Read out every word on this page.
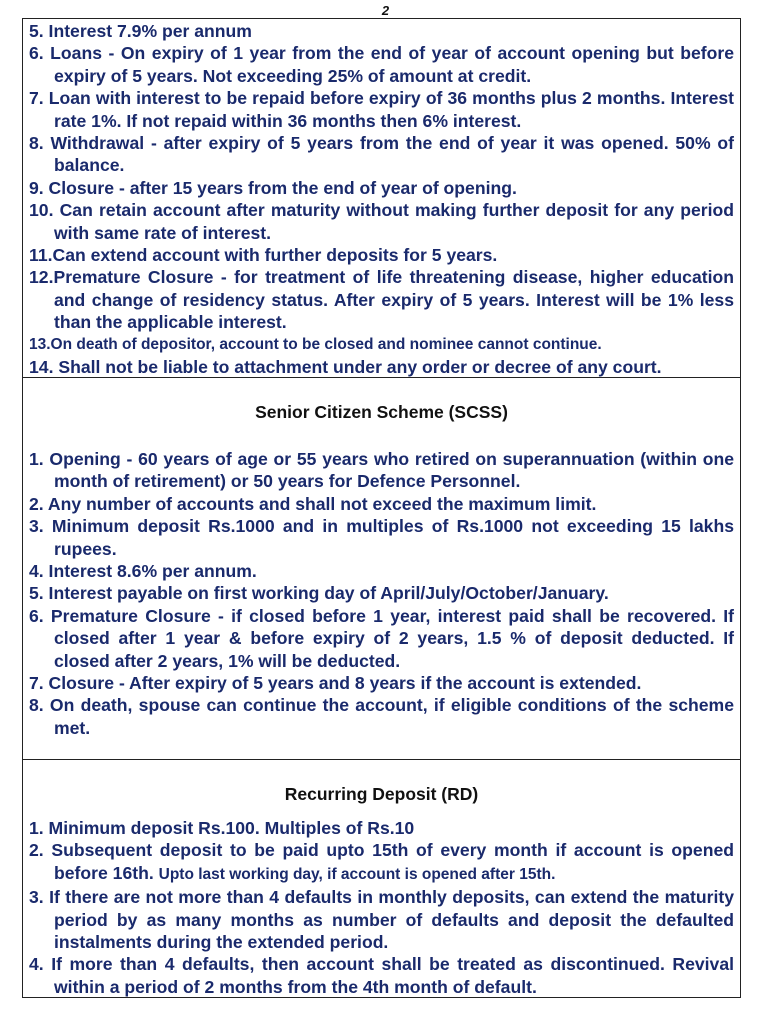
2
5. Interest 7.9% per annum
6. Loans - On expiry of 1 year from the end of year of account opening but before expiry of 5 years. Not exceeding 25% of amount at credit.
7. Loan with interest to be repaid before expiry of 36 months plus 2 months. Interest rate 1%. If not repaid within 36 months then 6% interest.
8. Withdrawal - after expiry of 5 years from the end of year it was opened. 50% of balance.
9. Closure - after 15 years from the end of year of opening.
10. Can retain account after maturity without making further deposit for any period with same rate of interest.
11.Can extend account with further deposits for 5 years.
12.Premature Closure - for treatment of life threatening disease, higher education and change of residency status. After expiry of 5 years. Interest will be 1% less than the applicable interest.
13.On death of depositor, account to be closed and nominee cannot continue.
14. Shall not be liable to attachment under any order or decree of any court.
Senior Citizen Scheme (SCSS)
1. Opening - 60 years of age or 55 years who retired on superannuation (within one month of retirement) or 50 years for Defence Personnel.
2. Any number of accounts and shall not exceed the maximum limit.
3. Minimum deposit Rs.1000 and in multiples of Rs.1000 not exceeding 15 lakhs rupees.
4. Interest 8.6% per annum.
5. Interest payable on first working day of April/July/October/January.
6. Premature Closure - if closed before 1 year, interest paid shall be recovered. If closed after 1 year & before expiry of 2 years, 1.5 % of deposit deducted. If closed after 2 years, 1% will be deducted.
7. Closure - After expiry of 5 years and 8 years if the account is extended.
8. On death, spouse can continue the account, if eligible conditions of the scheme met.
Recurring Deposit (RD)
1. Minimum deposit Rs.100. Multiples of Rs.10
2. Subsequent deposit to be paid upto 15th of every month if account is opened before 16th. Upto last working day, if account is opened after 15th.
3. If there are not more than 4 defaults in monthly deposits, can extend the maturity period by as many months as number of defaults and deposit the defaulted instalments during the extended period.
4. If more than 4 defaults, then account shall be treated as discontinued. Revival within a period of 2 months from the 4th month of default.
